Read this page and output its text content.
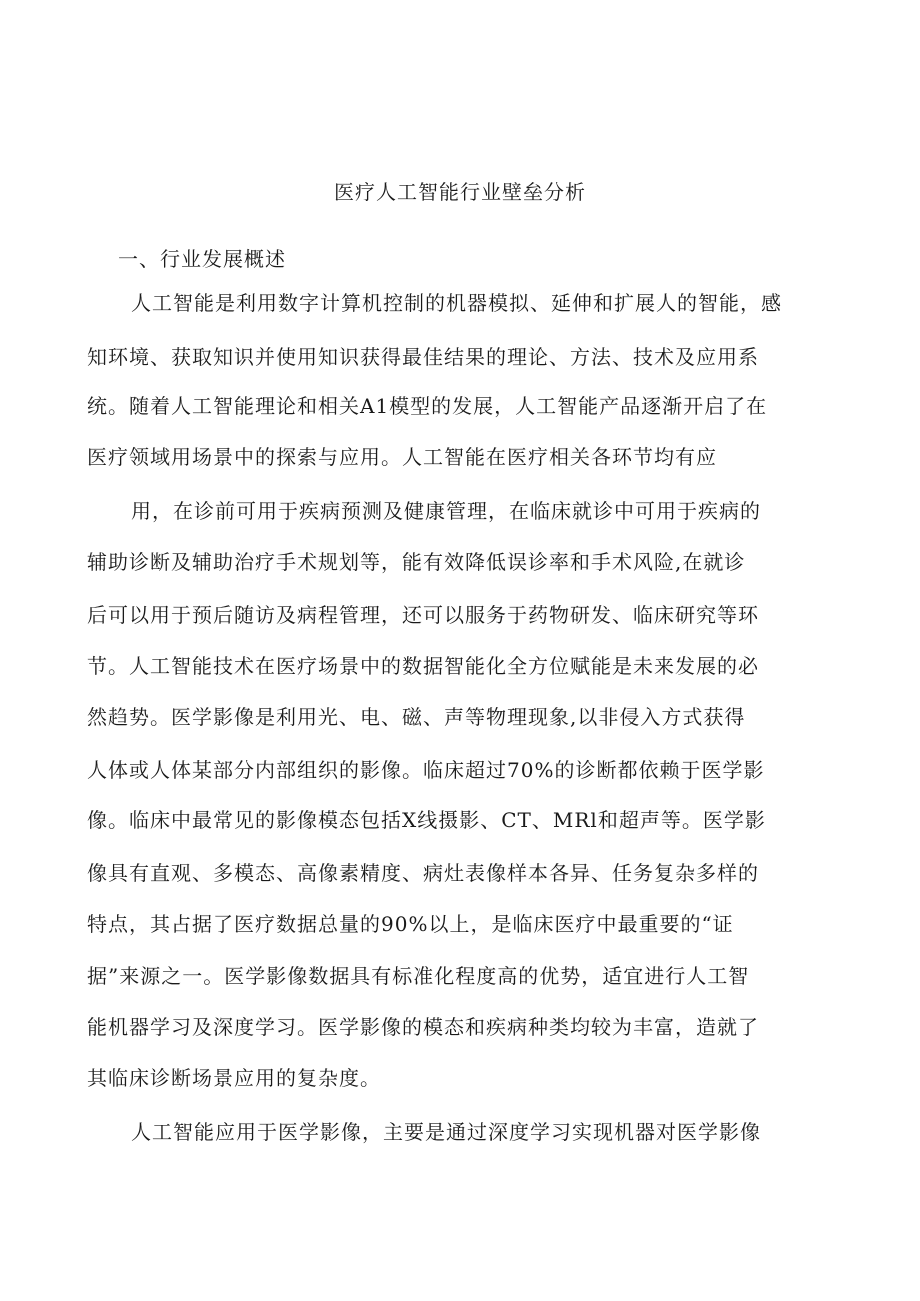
医疗人工智能行业壁垒分析
一、行业发展概述
人工智能是利用数字计算机控制的机器模拟、延伸和扩展人的智能，感
知环境、获取知识并使用知识获得最佳结果的理论、方法、技术及应用系
统。随着人工智能理论和相关A1模型的发展，人工智能产品逐渐开启了在
医疗领域用场景中的探索与应用。人工智能在医疗相关各环节均有应
用，在诊前可用于疾病预测及健康管理，在临床就诊中可用于疾病的
辅助诊断及辅助治疗手术规划等，能有效降低误诊率和手术风险,在就诊
后可以用于预后随访及病程管理，还可以服务于药物研发、临床研究等环
节。人工智能技术在医疗场景中的数据智能化全方位赋能是未来发展的必
然趋势。医学影像是利用光、电、磁、声等物理现象,以非侵入方式获得
人体或人体某部分内部组织的影像。临床超过70%的诊断都依赖于医学影
像。临床中最常见的影像模态包括X线摄影、CT、MRl和超声等。医学影
像具有直观、多模态、高像素精度、病灶表像样本各异、任务复杂多样的
特点，其占据了医疗数据总量的90%以上，是临床医疗中最重要的“证
据”来源之一。医学影像数据具有标准化程度高的优势，适宜进行人工智
能机器学习及深度学习。医学影像的模态和疾病种类均较为丰富，造就了
其临床诊断场景应用的复杂度。
人工智能应用于医学影像，主要是通过深度学习实现机器对医学影像
